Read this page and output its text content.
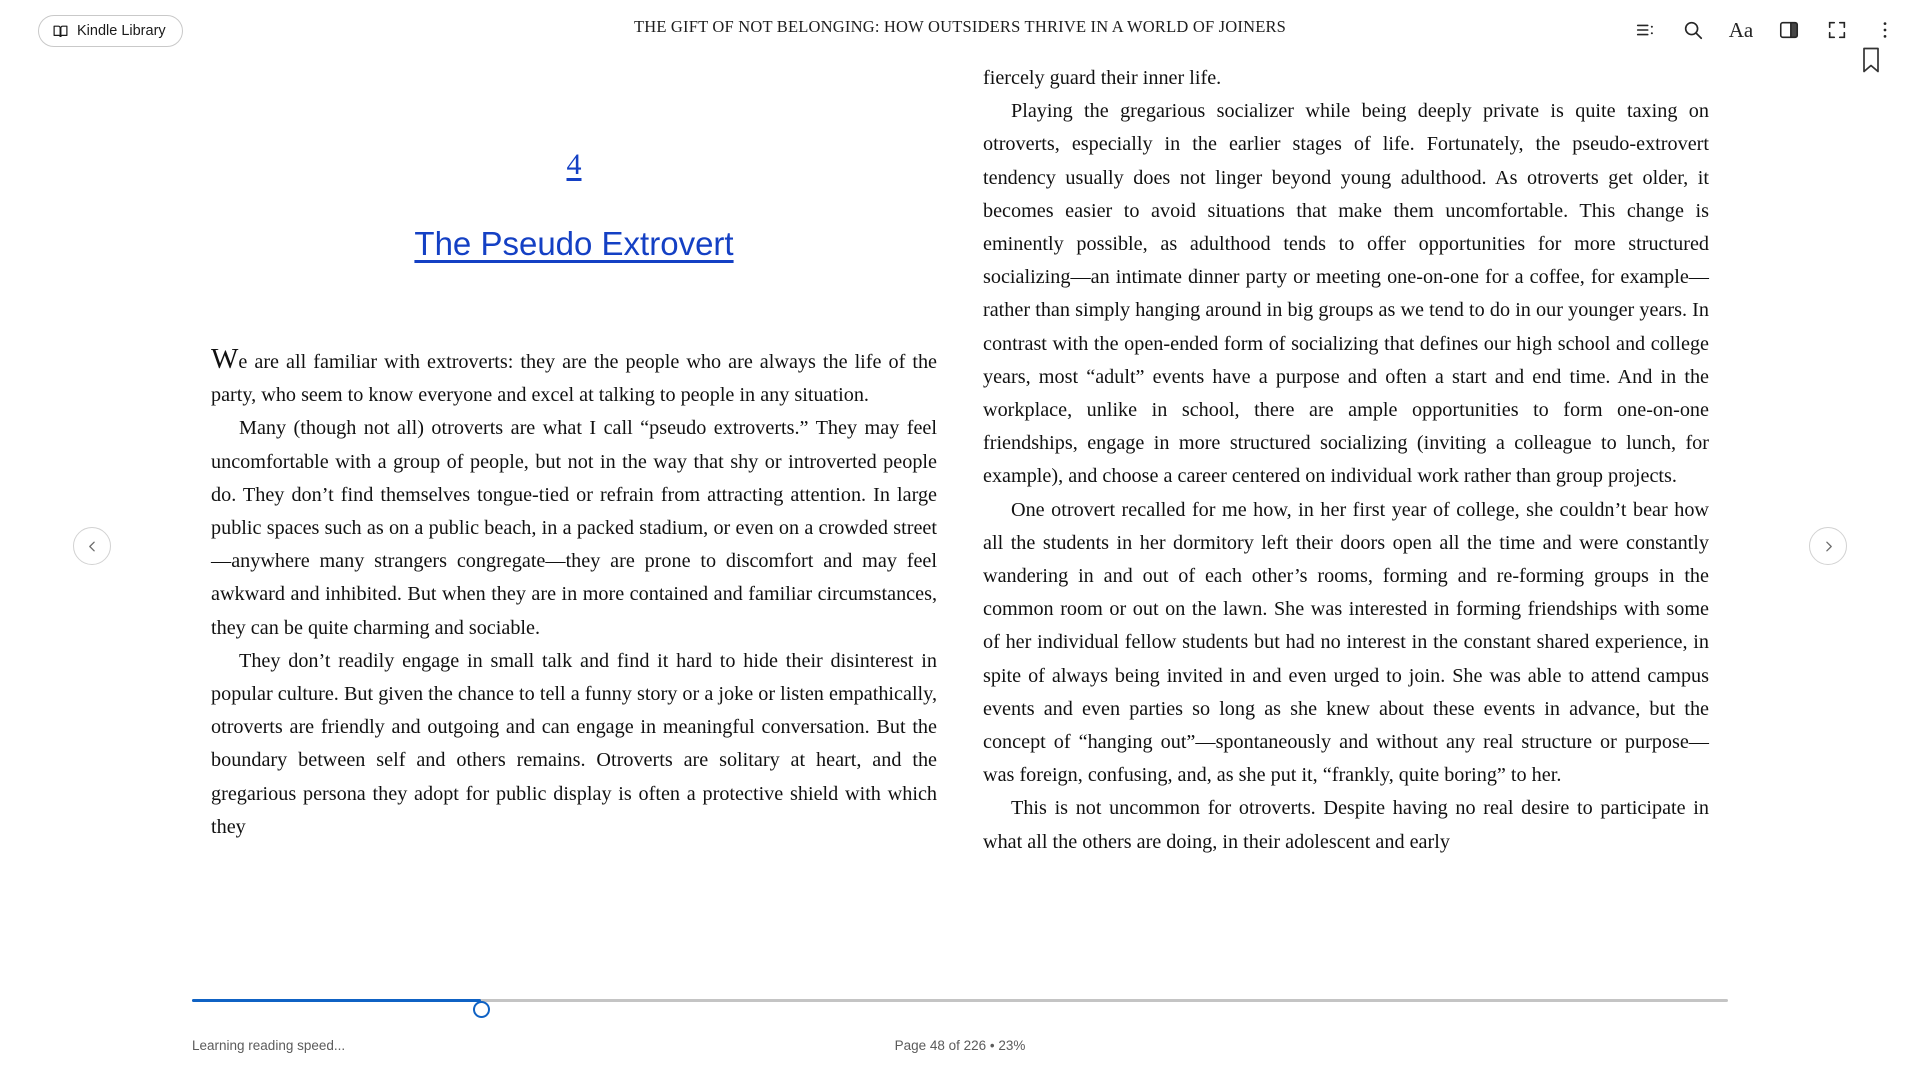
Kindle Library	THE GIFT OF NOT BELONGING: HOW OUTSIDERS THRIVE IN A WORLD OF JOINERS	Aa
4
The Pseudo Extrovert

We are all familiar with extroverts: they are the people who are always the life of the party, who seem to know everyone and excel at talking to people in any situation.

Many (though not all) otroverts are what I call “pseudo extroverts.” They may feel uncomfortable with a group of people, but not in the way that shy or introverted people do. They don’t find themselves tongue-tied or refrain from attracting attention. In large public spaces such as on a public beach, in a packed stadium, or even on a crowded street—anywhere many strangers congregate—they are prone to discomfort and may feel awkward and inhibited. But when they are in more contained and familiar circumstances, they can be quite charming and sociable.

They don’t readily engage in small talk and find it hard to hide their disinterest in popular culture. But given the chance to tell a funny story or a joke or listen empathically, otroverts are friendly and outgoing and can engage in meaningful conversation. But the boundary between self and others remains. Otroverts are solitary at heart, and the gregarious persona they adopt for public display is often a protective shield with which they

fiercely guard their inner life.

Playing the gregarious socializer while being deeply private is quite taxing on otroverts, especially in the earlier stages of life. Fortunately, the pseudo-extrovert tendency usually does not linger beyond young adulthood. As otroverts get older, it becomes easier to avoid situations that make them uncomfortable. This change is eminently possible, as adulthood tends to offer opportunities for more structured socializing—an intimate dinner party or meeting one-on-one for a coffee, for example—rather than simply hanging around in big groups as we tend to do in our younger years. In contrast with the open-ended form of socializing that defines our high school and college years, most “adult” events have a purpose and often a start and end time. And in the workplace, unlike in school, there are ample opportunities to form one-on-one friendships, engage in more structured socializing (inviting a colleague to lunch, for example), and choose a career centered on individual work rather than group projects.

One otrovert recalled for me how, in her first year of college, she couldn’t bear how all the students in her dormitory left their doors open all the time and were constantly wandering in and out of each other’s rooms, forming and re-forming groups in the common room or out on the lawn. She was interested in forming friendships with some of her individual fellow students but had no interest in the constant shared experience, in spite of always being invited in and even urged to join. She was able to attend campus events and even parties so long as she knew about these events in advance, but the concept of “hanging out”—spontaneously and without any real structure or purpose—was foreign, confusing, and, as she put it, “frankly, quite boring” to her.

This is not uncommon for otroverts. Despite having no real desire to participate in what all the others are doing, in their adolescent and early

Learning reading speed...	Page 48 of 226 • 23%
